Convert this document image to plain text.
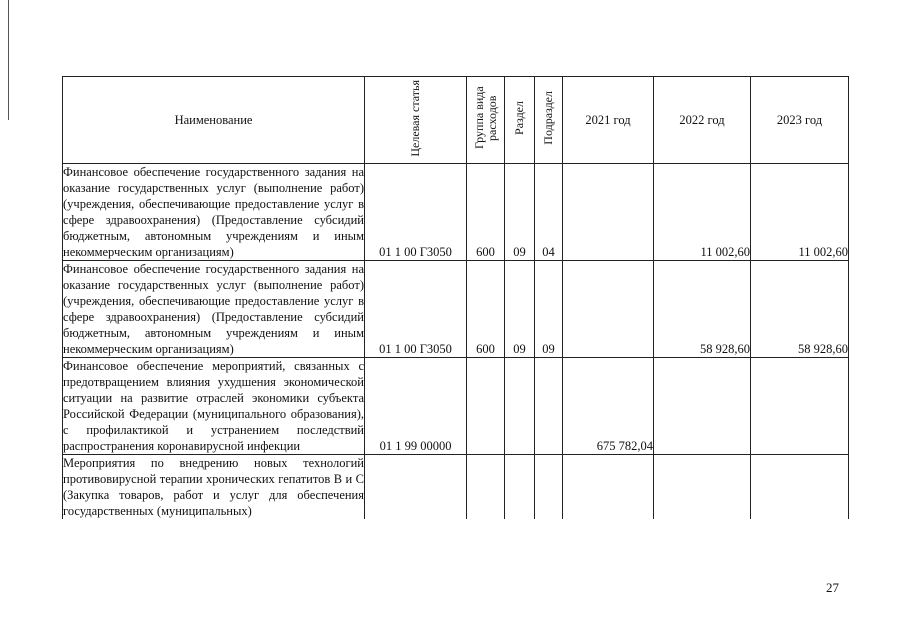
Наименование	Целевая статья	Группа вида расходов	Раздел	Подраздел	2021 год	2022 год	2023 год
Финансовое обеспечение государственного задания на оказание государственных услуг (выполнение работ) (учреждения, обеспечивающие предоставление услуг в сфере здравоохранения) (Предоставление субсидий бюджетным, автономным учреждениям и иным некоммерческим организациям)	01 1 00 Г3050	600	09	04		11 002,60	11 002,60
Финансовое обеспечение государственного задания на оказание государственных услуг (выполнение работ) (учреждения, обеспечивающие предоставление услуг в сфере здравоохранения) (Предоставление субсидий бюджетным, автономным учреждениям и иным некоммерческим организациям)	01 1 00 Г3050	600	09	09		58 928,60	58 928,60
Финансовое обеспечение мероприятий, связанных с предотвращением влияния ухудшения экономической ситуации на развитие отраслей экономики субъекта Российской Федерации (муниципального образования), с профилактикой и устранением последствий распространения коронавирусной инфекции	01 1 99 00000				675 782,04		
Мероприятия по внедрению новых технологий противовирусной терапии хронических гепатитов В и С (Закупка товаров, работ и услуг для обеспечения государственных (муниципальных)							
27
